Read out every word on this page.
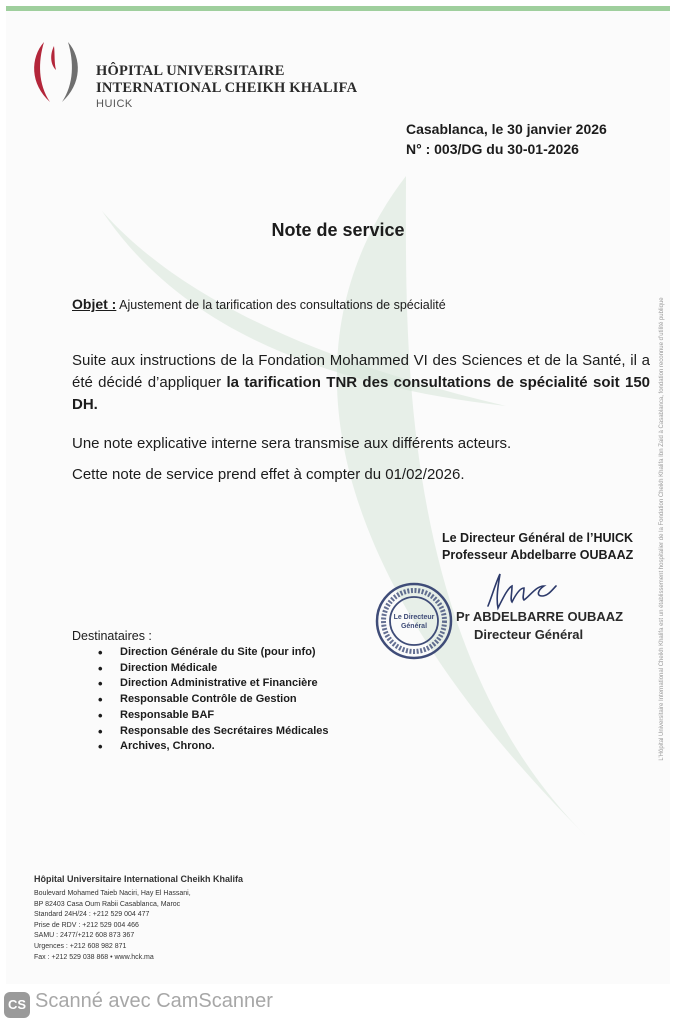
HÔPITAL UNIVERSITAIRE
INTERNATIONAL CHEIKH KHALIFA
HUICK
Casablanca, le 30 janvier 2026
N° : 003/DG du 30-01-2026
Note de service
Objet : Ajustement de la tarification des consultations de spécialité
Suite aux instructions de la Fondation Mohammed VI des Sciences et de la Santé, il a été décidé d’appliquer la tarification TNR des consultations de spécialité soit 150 DH.
Une note explicative interne sera transmise aux différents acteurs.
Cette note de service prend effet à compter du 01/02/2026.
Le Directeur Général de l’HUICK
Professeur Abdelbarre OUBAAZ
Le Directeur
Général
Pr ABDELBARRE OUBAAZ
Directeur Général
Destinataires :
• Direction Générale du Site (pour info)
• Direction Médicale
• Direction Administrative et Financière
• Responsable Contrôle de Gestion
• Responsable BAF
• Responsable des Secrétaires Médicales
• Archives, Chrono.
Hôpital Universitaire International Cheikh Khalifa
Boulevard Mohamed Taieb Naciri, Hay El Hassani,
BP 82403 Casa Oum Rabii Casablanca, Maroc
Standard 24H/24 : +212 529 004 477
Prise de RDV : +212 529 004 466
SAMU : 2477/+212 608 873 367
Urgences : +212 608 982 871
Fax : +212 529 038 868 • www.hck.ma
L’Hôpital Universitaire International Cheikh Khalifa est un établissement hospitalier de la Fondation Cheikh Khalifa Ibn Zaid à Casablanca, fondation reconnue d’utilité publique
CS Scanné avec CamScanner
